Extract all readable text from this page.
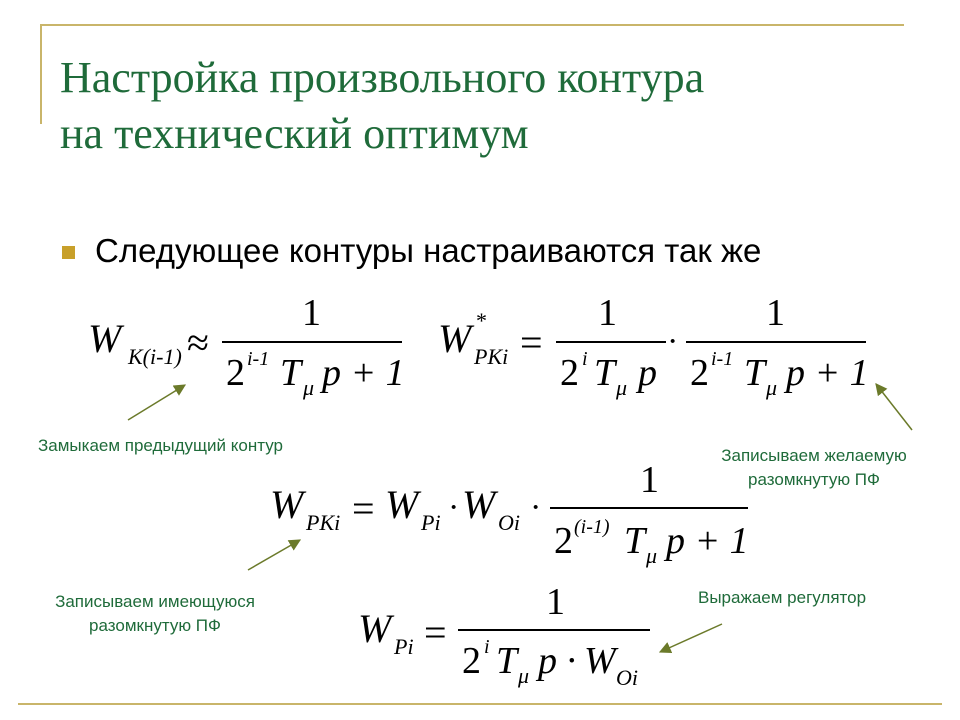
Настройка произвольного контура
на технический оптимум
Следующее контуры настраиваются так же
Замыкаем предыдущий контур
Записываем желаемую
разомкнутую ПФ
Записываем имеющуюся
разомкнутую ПФ
Выражаем регулятор
W K(i-1) ≈
1
2 i-1 T μ p + 1
W *
PKi =
1
2 i T μ p
·
1
2 i-1 T μ p + 1
W PKi = W Pi · W Oi ·
1
2 (i-1) T μ p + 1
W Pi =
1
2 i T μ p · W Oi
